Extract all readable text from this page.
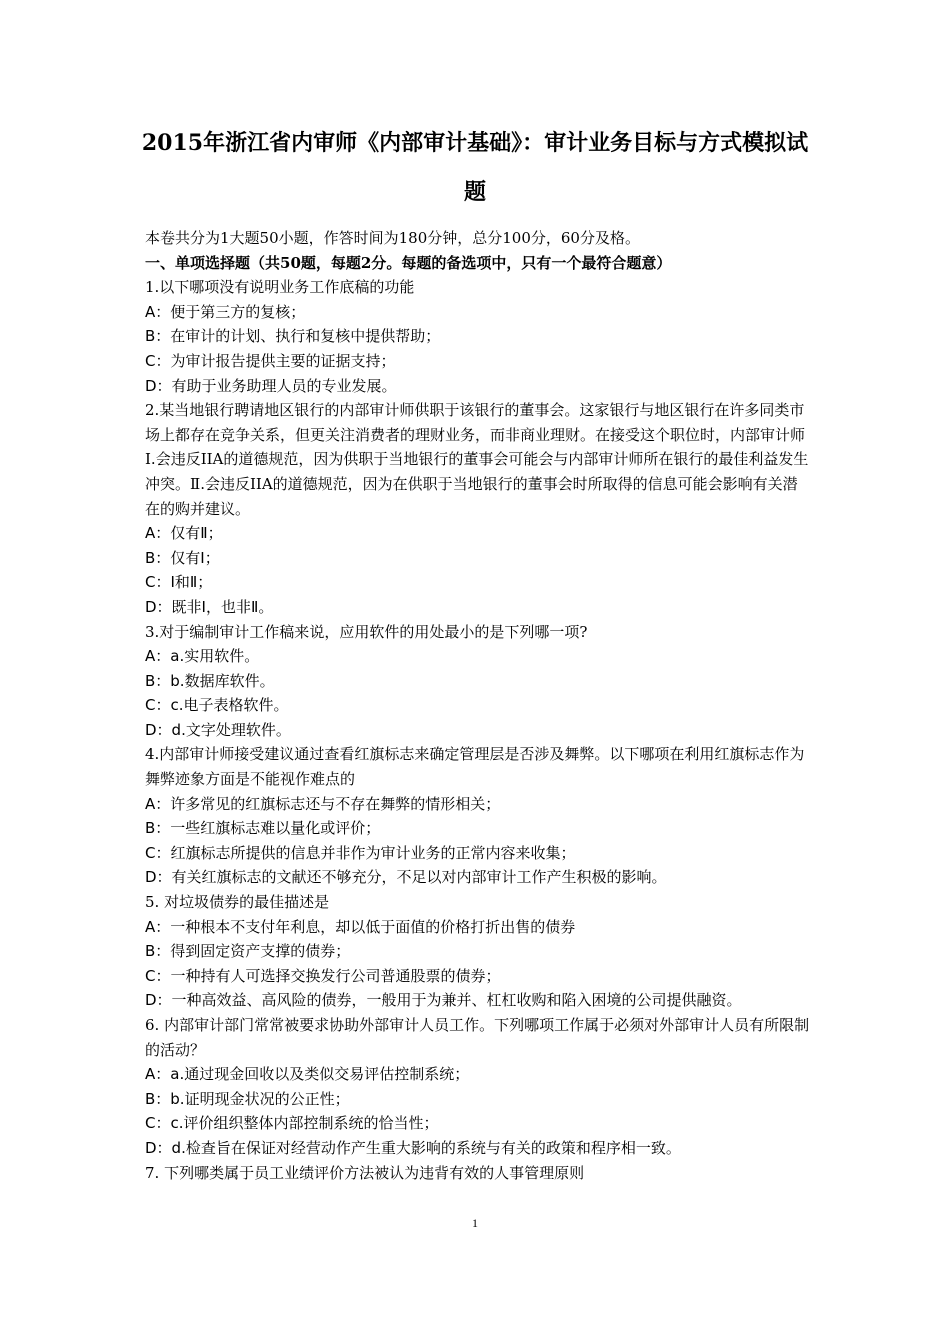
2015年浙江省内审师《内部审计基础》：审计业务目标与方式模拟试
题

本卷共分为1大题50小题，作答时间为180分钟，总分100分，60分及格。

一、单项选择题（共50题，每题2分。每题的备选项中，只有一个最符合题意）

1.以下哪项没有说明业务工作底稿的功能

A：便于第三方的复核；

B：在审计的计划、执行和复核中提供帮助；

C：为审计报告提供主要的证据支持；

D：有助于业务助理人员的专业发展。

2.某当地银行聘请地区银行的内部审计师供职于该银行的董事会。这家银行与地区银行在许多同类市场上都存在竞争关系，但更关注消费者的理财业务，而非商业理财。在接受这个职位时，内部审计师Ⅰ.会违反IIA的道德规范，因为供职于当地银行的董事会可能会与内部审计师所在银行的最佳利益发生冲突。Ⅱ.会违反IIA的道德规范，因为在供职于当地银行的董事会时所取得的信息可能会影响有关潜在的购并建议。

A：仅有Ⅱ；

B：仅有Ⅰ；

C：Ⅰ和Ⅱ；

D：既非Ⅰ，也非Ⅱ。

3.对于编制审计工作稿来说，应用软件的用处最小的是下列哪一项?

A：a.实用软件。

B：b.数据库软件。

C：c.电子表格软件。

D：d.文字处理软件。

4.内部审计师接受建议通过查看红旗标志来确定管理层是否涉及舞弊。以下哪项在利用红旗标志作为舞弊迹象方面是不能视作难点的

A：许多常见的红旗标志还与不存在舞弊的情形相关；

B：一些红旗标志难以量化或评价；

C：红旗标志所提供的信息并非作为审计业务的正常内容来收集；

D：有关红旗标志的文献还不够充分，不足以对内部审计工作产生积极的影响。

5. 对垃圾债券的最佳描述是

A：一种根本不支付年利息，却以低于面值的价格打折出售的债券

B：得到固定资产支撑的债券；

C：一种持有人可选择交换发行公司普通股票的债券；

D：一种高效益、高风险的债券，一般用于为兼并、杠杠收购和陷入困境的公司提供融资。

6. 内部审计部门常常被要求协助外部审计人员工作。下列哪项工作属于必须对外部审计人员有所限制的活动？

A：a.通过现金回收以及类似交易评估控制系统；

B：b.证明现金状况的公正性；

C：c.评价组织整体内部控制系统的恰当性；

D：d.检查旨在保证对经营动作产生重大影响的系统与有关的政策和程序相一致。

7. 下列哪类属于员工业绩评价方法被认为违背有效的人事管理原则

1
